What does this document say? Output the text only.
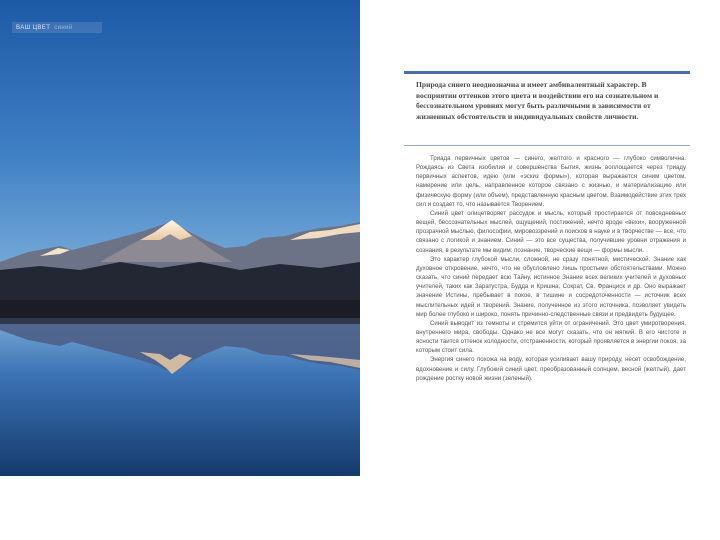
ВАШ ЦВЕТ синий

Природа синего неоднозначна и имеет амбивалентный характер. В восприятии оттенков этого цвета и воздействии его на сознательном и бессознательном уровнях могут быть различными в зависимости от жизненных обстоятельств и индивидуальных свойств личности.

Триада первичных цветов — синего, желтого и красного — глубоко символична. Рождаясь из Света изобилия и совершенства Бытия, жизнь воплощается через триаду первичных аспектов, идею (или «эскиз формы»), которая выражается синим цветом, намерение или цель, направленное которое связано с жизнью, и материализацию или физическую форму (или объем), представленную красным цветом. Взаимодействие этих трех сил и создает то, что называется Творением.

Синий цвет олицетворяет рассудок и мысль, который простирается от повседневных вещей, бессознательных мыслей, ощущений, постижений, нечто вроде «вехи», вооруженной прозрачной мыслью, философии, мировоззрений и поисков в науке и в творчестве — все, что связано с логикой и знанием. Синий — это все существа, получившие уровни отражения и сознания, в результате мы видим: познание, творческие вещи — формы мысли.

Это характер глубокой мысли, сложной, не сразу понятной, мистической. Знание как духовное откровение, нечто, что не обусловлено лишь простыми обстоятельствами. Можно сказать, что синий передает всю Тайну, истинное Знание всех великих учителей и духовных учителей, таких как Заратустра, Будда и Кришна, Сократ, Св. Франциск и др. Оно выражает значение Истины, пребывает в покое, в тишине и сосредоточенности — источник всех мыслительных идей и творений. Знание, полученное из этого источника, позволяет увидеть мир более глубоко и широко, понять причинно-следственные связи и предвидеть будущее.

Синий выводит из темноты и стремится уйти от ограничений. Это цвет умиротворения, внутреннего мира, свободы. Однако не все могут сказать, что он мягкий. В его чистоте и ясности таится оттенок холодности, отстраненности, который проявляется в энергии покоя, за которым стоит сила.

Энергия синего похожа на воду, которая усиливает вашу природу, несет освобождение, вдохновение и силу. Глубокий синий цвет, преобразованный солнцем, весной (желтый), дает рождение ростку новой жизни (зеленый).
